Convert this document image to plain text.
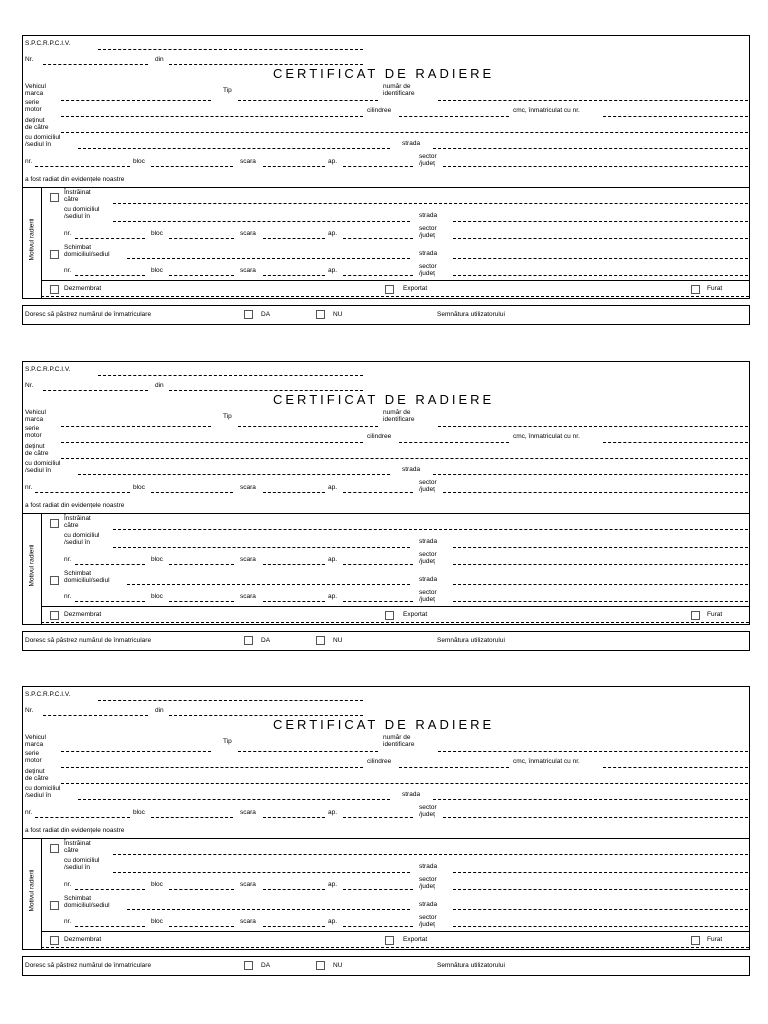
S.P.C.R.P.C.I.V.
Nr.	din
CERTIFICAT DE RADIERE
Vehicul
marca	Tip
număr de
identificare
serie
motor	cilindree	cmc, înmatriculat cu nr.
deținut
de către
cu domiciliul
/sediul în	strada
nr.	bloc	scara	ap.
sector
/județ
a fost radiat din evidențele noastre
Motivul radierii
Înstrăinat
către
cu domiciliul
/sediul în	strada
nr.	bloc	scara	ap.
sector
/județ
Schimbat
domiciliul/sediul	strada
nr.	bloc	scara	ap.
sector
/județ
Dezmembrat	Exportat	Furat
Doresc să păstrez numărul de înmatriculare	DA	NU	Semnătura utilizatorului
S.P.C.R.P.C.I.V.
Nr.	din
CERTIFICAT DE RADIERE
Vehicul
marca	Tip
număr de
identificare
serie
motor	cilindree	cmc, înmatriculat cu nr.
deținut
de către
cu domiciliul
/sediul în	strada
nr.	bloc	scara	ap.
sector
/județ
a fost radiat din evidențele noastre
Motivul radierii
Înstrăinat
către
cu domiciliul
/sediul în	strada
nr.	bloc	scara	ap.
sector
/județ
Schimbat
domiciliul/sediul	strada
nr.	bloc	scara	ap.
sector
/județ
Dezmembrat	Exportat	Furat
Doresc să păstrez numărul de înmatriculare	DA	NU	Semnătura utilizatorului
S.P.C.R.P.C.I.V.
Nr.	din
CERTIFICAT DE RADIERE
Vehicul
marca	Tip
număr de
identificare
serie
motor	cilindree	cmc, înmatriculat cu nr.
deținut
de către
cu domiciliul
/sediul în	strada
nr.	bloc	scara	ap.
sector
/județ
a fost radiat din evidențele noastre
Motivul radierii
Înstrăinat
către
cu domiciliul
/sediul în	strada
nr.	bloc	scara	ap.
sector
/județ
Schimbat
domiciliul/sediul	strada
nr.	bloc	scara	ap.
sector
/județ
Dezmembrat	Exportat	Furat
Doresc să păstrez numărul de înmatriculare	DA	NU	Semnătura utilizatorului
